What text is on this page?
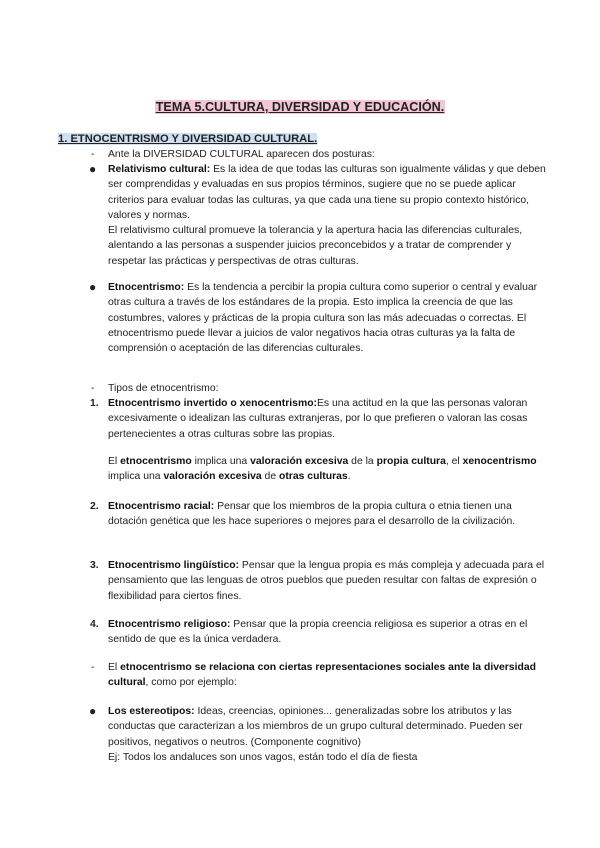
TEMA 5.CULTURA, DIVERSIDAD Y EDUCACIÓN.
1. ETNOCENTRISMO Y DIVERSIDAD CULTURAL.
-	Ante la DIVERSIDAD CULTURAL aparecen dos posturas:
●	Relativismo cultural: Es la idea de que todas las culturas son igualmente válidas y que deben ser comprendidas y evaluadas en sus propios términos, sugiere que no se puede aplicar criterios para evaluar todas las culturas, ya que cada una tiene su propio contexto histórico, valores y normas.
El relativismo cultural promueve la tolerancia y la apertura hacia las diferencias culturales, alentando a las personas a suspender juicios preconcebidos y a tratar de comprender y respetar las prácticas y perspectivas de otras culturas.
●	Etnocentrismo: Es la tendencia a percibir la propia cultura como superior o central y evaluar otras cultura a través de los estándares de la propia. Esto implica la creencia de que las costumbres, valores y prácticas de la propia cultura son las más adecuadas o correctas. El etnocentrismo puede llevar a juicios de valor negativos hacia otras culturas ya la falta de comprensión o aceptación de las diferencias culturales.
-	Tipos de etnocentrismo:
1. Etnocentrismo invertido o xenocentrismo:Es una actitud en la que las personas valoran excesivamente o idealizan las culturas extranjeras, por lo que prefieren o valoran las cosas pertenecientes a otras culturas sobre las propias.
El etnocentrismo implica una valoración excesiva de la propia cultura, el xenocentrismo implica una valoración excesiva de otras culturas.
2. Etnocentrismo racial: Pensar que los miembros de la propia cultura o etnia tienen una dotación genética que les hace superiores o mejores para el desarrollo de la civilización.
3. Etnocentrismo lingüístico: Pensar que la lengua propia es más compleja y adecuada para el pensamiento que las lenguas de otros pueblos que pueden resultar con faltas de expresión o flexibilidad para ciertos fines.
4. Etnocentrismo religioso: Pensar que la propia creencia religiosa es superior a otras en el sentido de que es la única verdadera.
-	El etnocentrismo se relaciona con ciertas representaciones sociales ante la diversidad cultural, como por ejemplo:
●	Los estereotipos: Ideas, creencias, opiniones... generalizadas sobre los atributos y las conductas que caracterizan a los miembros de un grupo cultural determinado. Pueden ser positivos, negativos o neutros. (Componente cognitivo)
Ej: Todos los andaluces son unos vagos, están todo el día de fiesta
